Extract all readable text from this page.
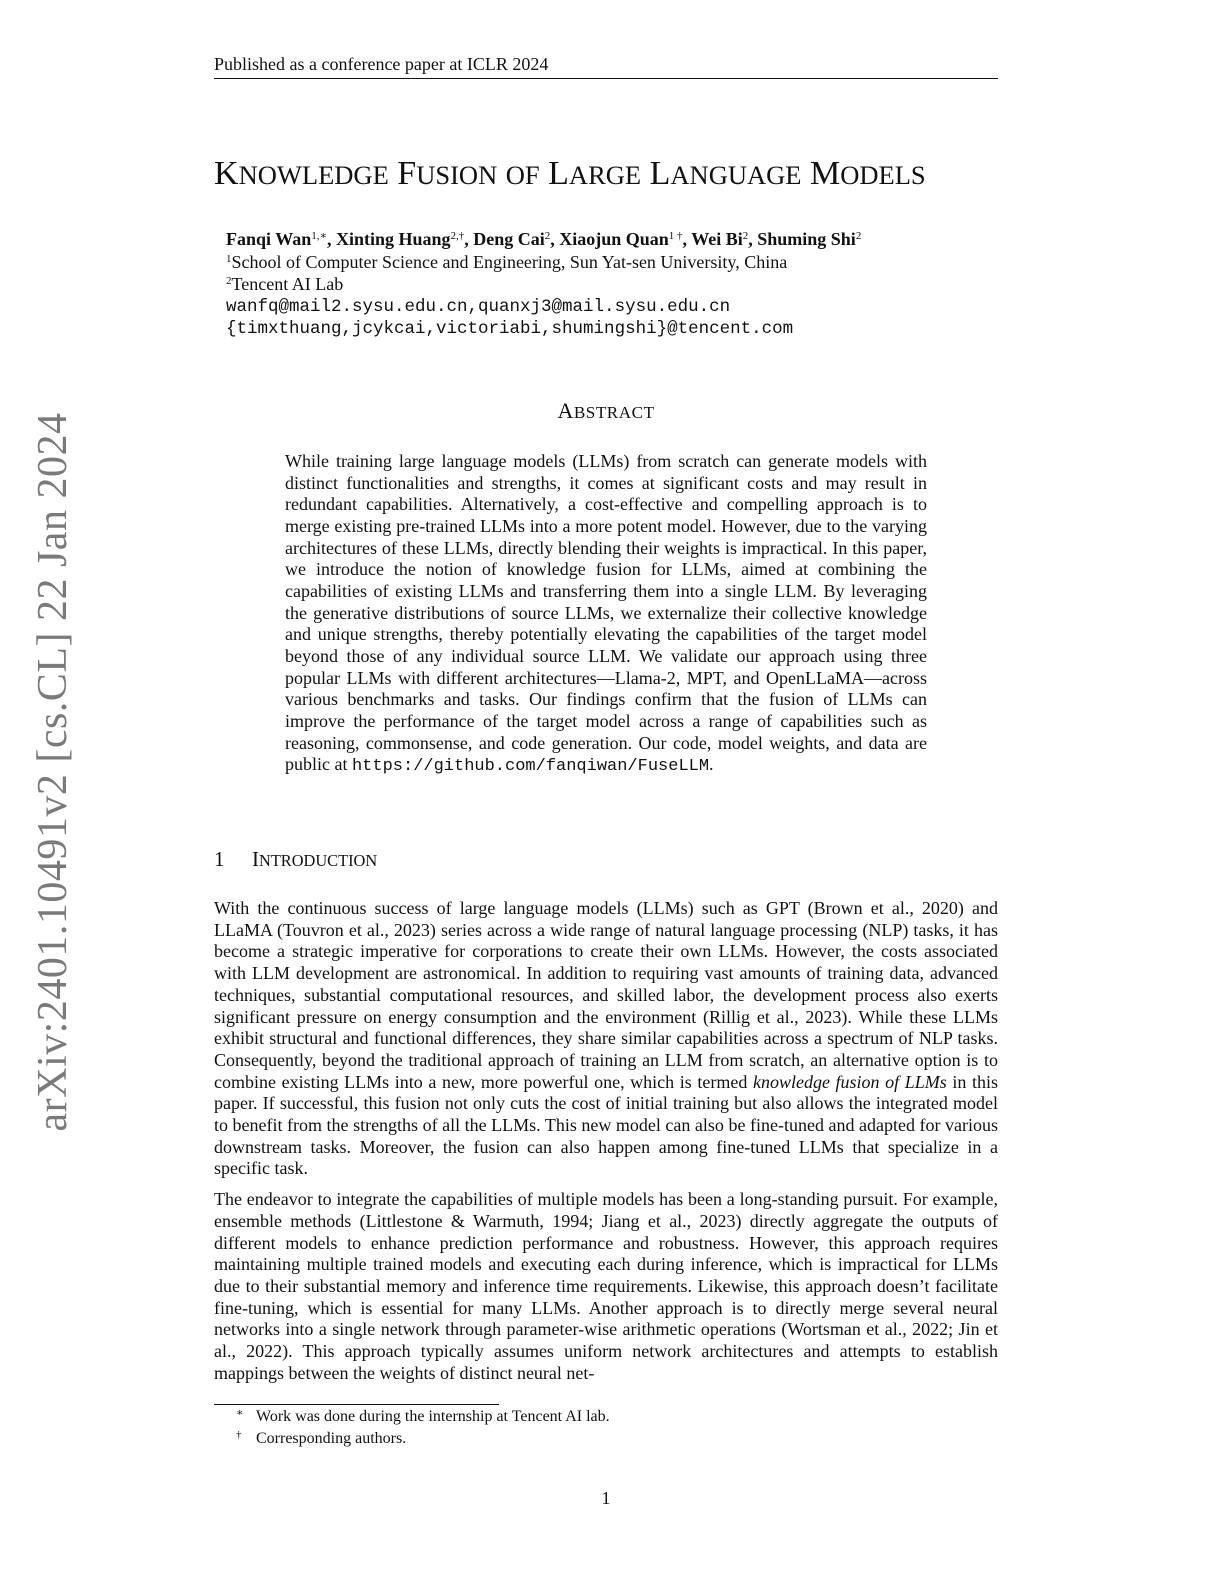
Published as a conference paper at ICLR 2024
arXiv:2401.10491v2 [cs.CL] 22 Jan 2024
KNOWLEDGE FUSION OF LARGE LANGUAGE MODELS
Fanqi Wan$^{1,∗}$, Xinting Huang$^{2,\dagger}$, Deng Cai$^2$, Xiaojun Quan$^{1 \dagger}$, Wei Bi$^2$, Shuming Shi$^2$
$^1$School of Computer Science and Engineering, Sun Yat-sen University, China
$^2$Tencent AI Lab
wanfq@mail2.sysu.edu.cn,quanxj3@mail.sysu.edu.cn
{timxthuang,jcykcai,victoriabi,shumingshi}@tencent.com
ABSTRACT
While training large language models (LLMs) from scratch can generate models with distinct functionalities and strengths, it comes at significant costs and may result in redundant capabilities. Alternatively, a cost-effective and compelling approach is to merge existing pre-trained LLMs into a more potent model. However, due to the varying architectures of these LLMs, directly blending their weights is impractical. In this paper, we introduce the notion of knowledge fusion for LLMs, aimed at combining the capabilities of existing LLMs and transferring them into a single LLM. By leveraging the generative distributions of source LLMs, we externalize their collective knowledge and unique strengths, thereby potentially elevating the capabilities of the target model beyond those of any individual source LLM. We validate our approach using three popular LLMs with different architectures—Llama-2, MPT, and OpenLLaMA—across various benchmarks and tasks. Our findings confirm that the fusion of LLMs can improve the performance of the target model across a range of capabilities such as reasoning, commonsense, and code generation. Our code, model weights, and data are public at https://github.com/fanqiwan/FuseLLM.
1 INTRODUCTION

With the continuous success of large language models (LLMs) such as GPT (Brown et al., 2020) and LLaMA (Touvron et al., 2023) series across a wide range of natural language processing (NLP) tasks, it has become a strategic imperative for corporations to create their own LLMs. However, the costs associated with LLM development are astronomical. In addition to requiring vast amounts of training data, advanced techniques, substantial computational resources, and skilled labor, the development process also exerts significant pressure on energy consumption and the environment (Rillig et al., 2023). While these LLMs exhibit structural and functional differences, they share similar capabilities across a spectrum of NLP tasks. Consequently, beyond the traditional approach of training an LLM from scratch, an alternative option is to combine existing LLMs into a new, more powerful one, which is termed knowledge fusion of LLMs in this paper. If successful, this fusion not only cuts the cost of initial training but also allows the integrated model to benefit from the strengths of all the LLMs. This new model can also be fine-tuned and adapted for various downstream tasks. Moreover, the fusion can also happen among fine-tuned LLMs that specialize in a specific task.

The endeavor to integrate the capabilities of multiple models has been a long-standing pursuit. For example, ensemble methods (Littlestone & Warmuth, 1994; Jiang et al., 2023) directly aggregate the outputs of different models to enhance prediction performance and robustness. However, this approach requires maintaining multiple trained models and executing each during inference, which is impractical for LLMs due to their substantial memory and inference time requirements. Likewise, this approach doesn’t facilitate fine-tuning, which is essential for many LLMs. Another approach is to directly merge several neural networks into a single network through parameter-wise arithmetic operations (Wortsman et al., 2022; Jin et al., 2022). This approach typically assumes uniform network architectures and attempts to establish mappings between the weights of distinct neural net-

∗ Work was done during the internship at Tencent AI lab.
† Corresponding authors.
1
